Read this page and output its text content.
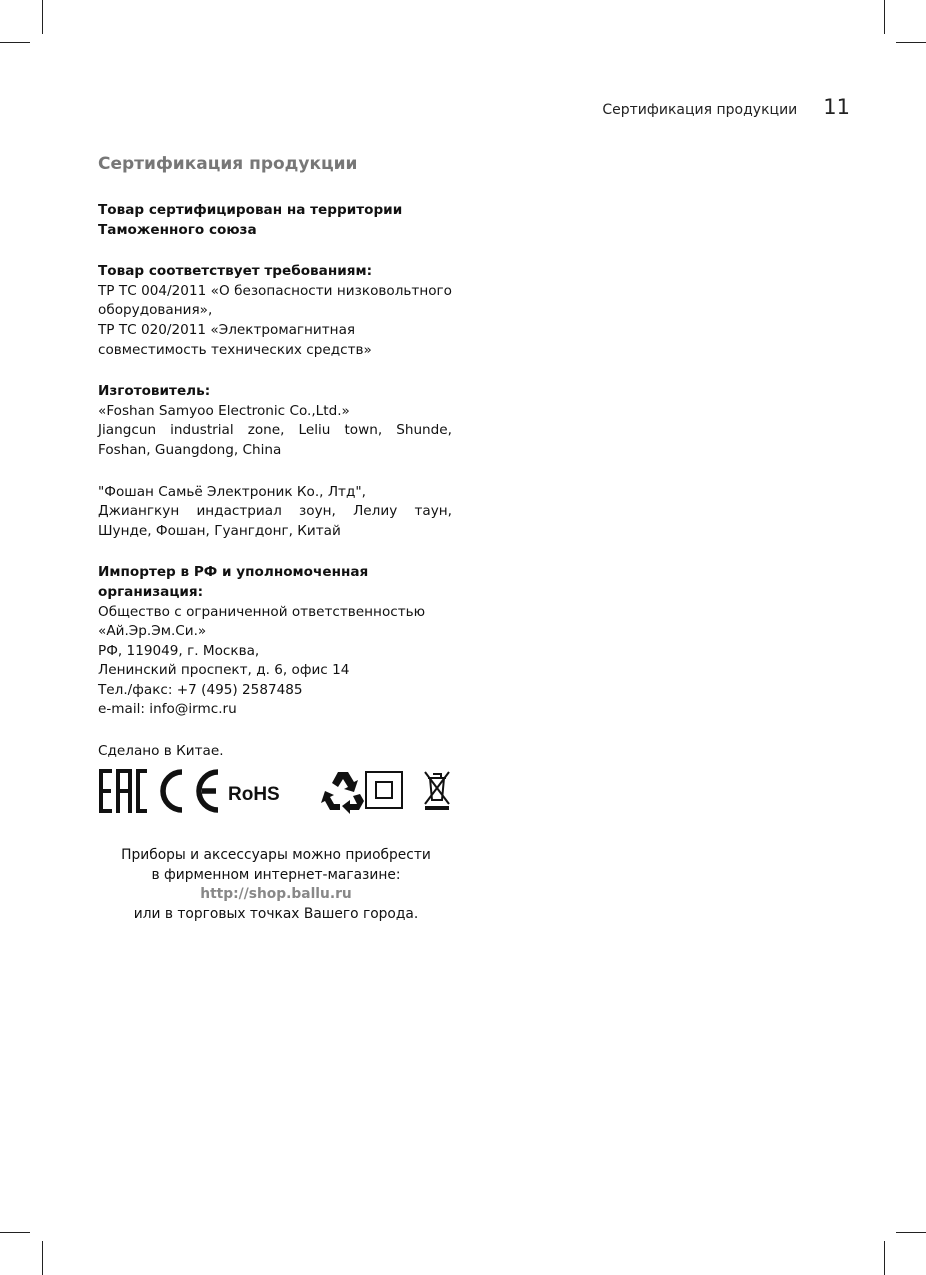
Сертификация продукции 11
Сертификация продукции
Товар сертифицирован на территории
Таможенного союза
Товар соответствует требованиям:
ТР ТС 004/2011 «О безопасности низковольтного оборудования»,
ТР ТС 020/2011 «Электромагнитная совместимость технических средств»
Изготовитель:
«Foshan Samyoo Electronic Co.,Ltd.»
Jiangcun industrial zone, Leliu town, Shunde, Foshan, Guangdong, China
"Фошан Самьё Электроник Ко., Лтд",
Джиангкун индастриал зоун, Лелиу таун, Шунде, Фошан, Гуангдонг, Китай
Импортер в РФ и уполномоченная
организация:
Общество с ограниченной ответственностью
«Ай.Эр.Эм.Си.»
РФ, 119049, г. Москва,
Ленинский проспект, д. 6, офис 14
Тел./факс: +7 (495) 2587485
e-mail: info@irmc.ru
Сделано в Китае.
RoHS
Приборы и аксессуары можно приобрести
в фирменном интернет-магазине:
http://shop.ballu.ru
или в торговых точках Вашего города.
